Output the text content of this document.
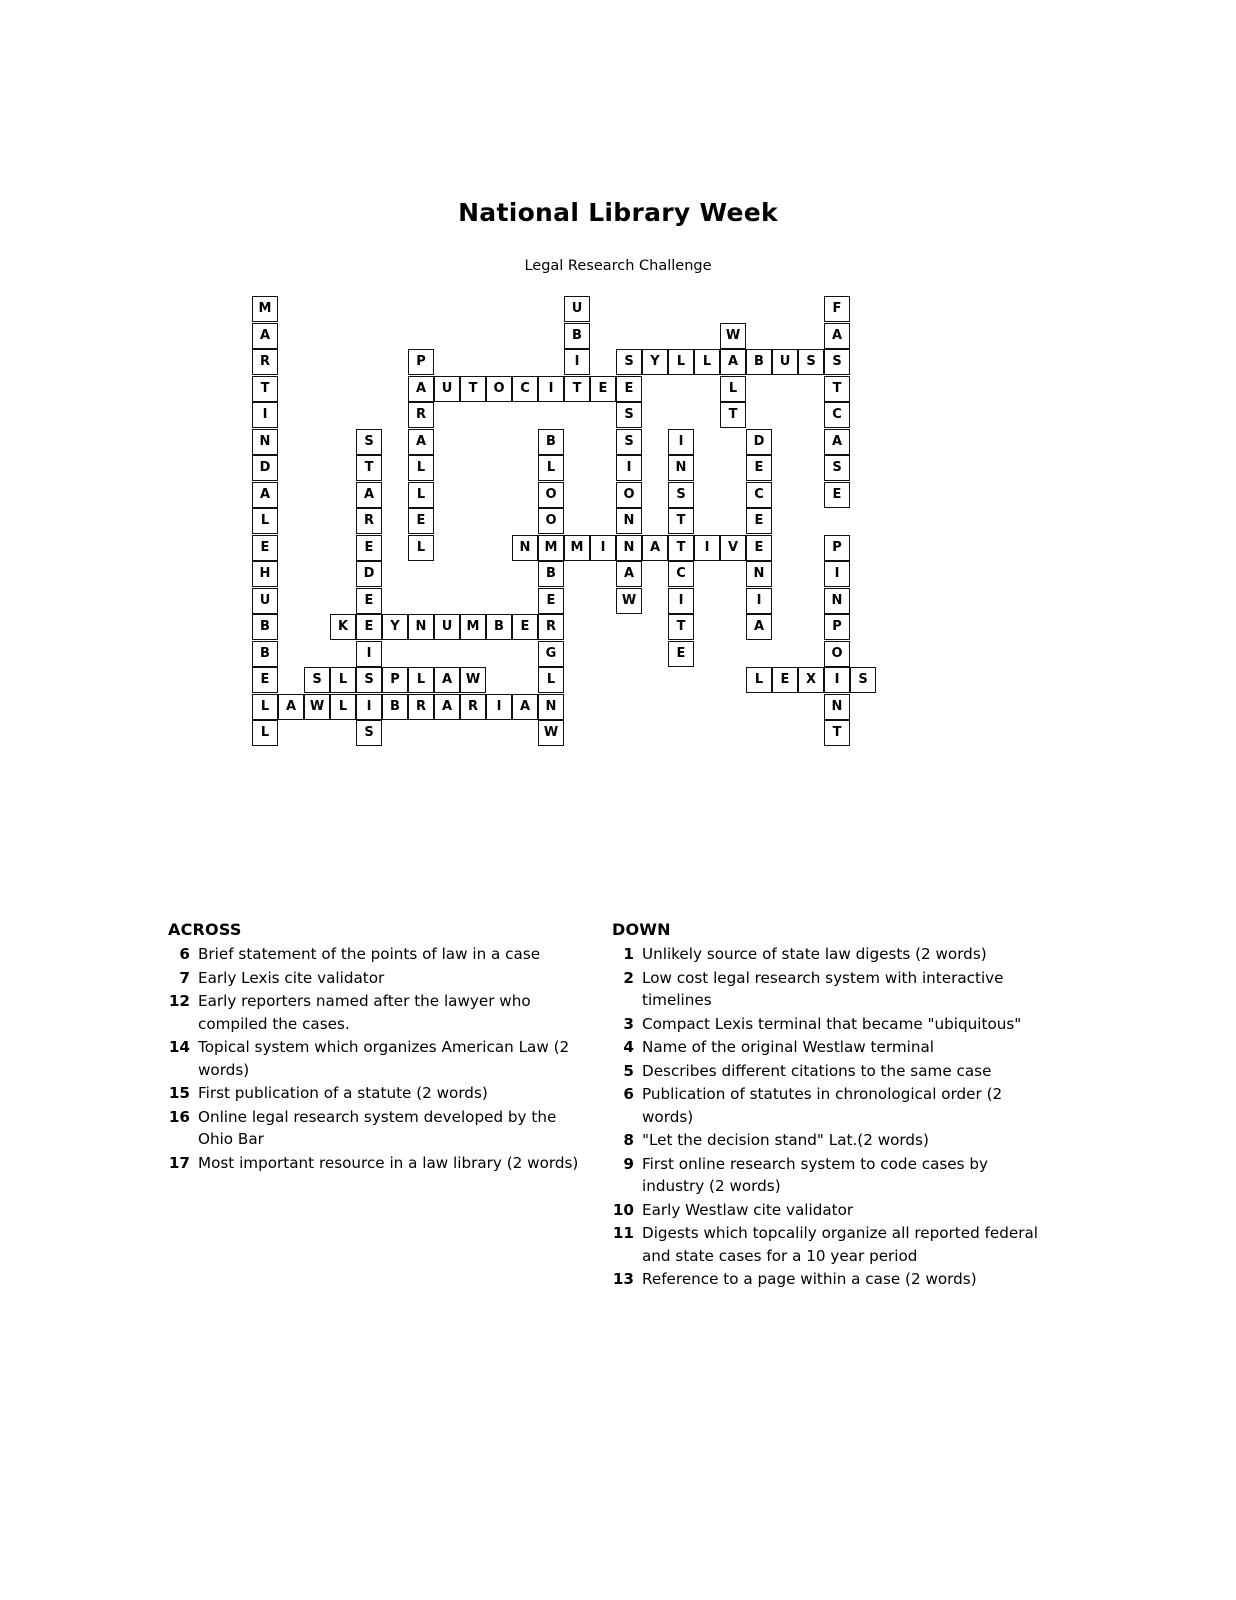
National Library Week
Legal Research Challenge
M
A
R
T
I
N
D
A
L
E
H
U
B
B
E
L
L
K	E	Y	N	U	M	B	E	R
S
T
A
R
E
D
E
I
S
I
S
S	L	P	L	A	W
A	W	L	B	R	A	R	I	A	N
P
A	U	T	O	C	I	T	E
R
A
L
L
E
L
B
L
O
O
M
B
E
G
L
W
N	M	I	N	A	T	I	V	E
U
B
I	S	Y	L	L	A	B	U	S
E
S
S
I
O
N
A
W
W
L
T
I
N
S
T
C
I
T
E
D
E
C
E
N
I
A
L	E	X	I	S
F
A
S
T
C
A
S
E
P
I
N
P
O
N
T
ACROSS
6 Brief statement of the points of law in a case
7 Early Lexis cite validator
12 Early reporters named after the lawyer who compiled the cases.
14 Topical system which organizes American Law (2 words)
15 First publication of a statute (2 words)
16 Online legal research system developed by the Ohio Bar
17 Most important resource in a law library (2 words)
DOWN
1 Unlikely source of state law digests (2 words)
2 Low cost legal research system with interactive timelines
3 Compact Lexis terminal that became "ubiquitous"
4 Name of the original Westlaw terminal
5 Describes different citations to the same case
6 Publication of statutes in chronological order (2 words)
8 "Let the decision stand" Lat.(2 words)
9 First online research system to code cases by industry (2 words)
10 Early Westlaw cite validator
11 Digests which topcalily organize all reported federal and state cases for a 10 year period
13 Reference to a page within a case (2 words)
